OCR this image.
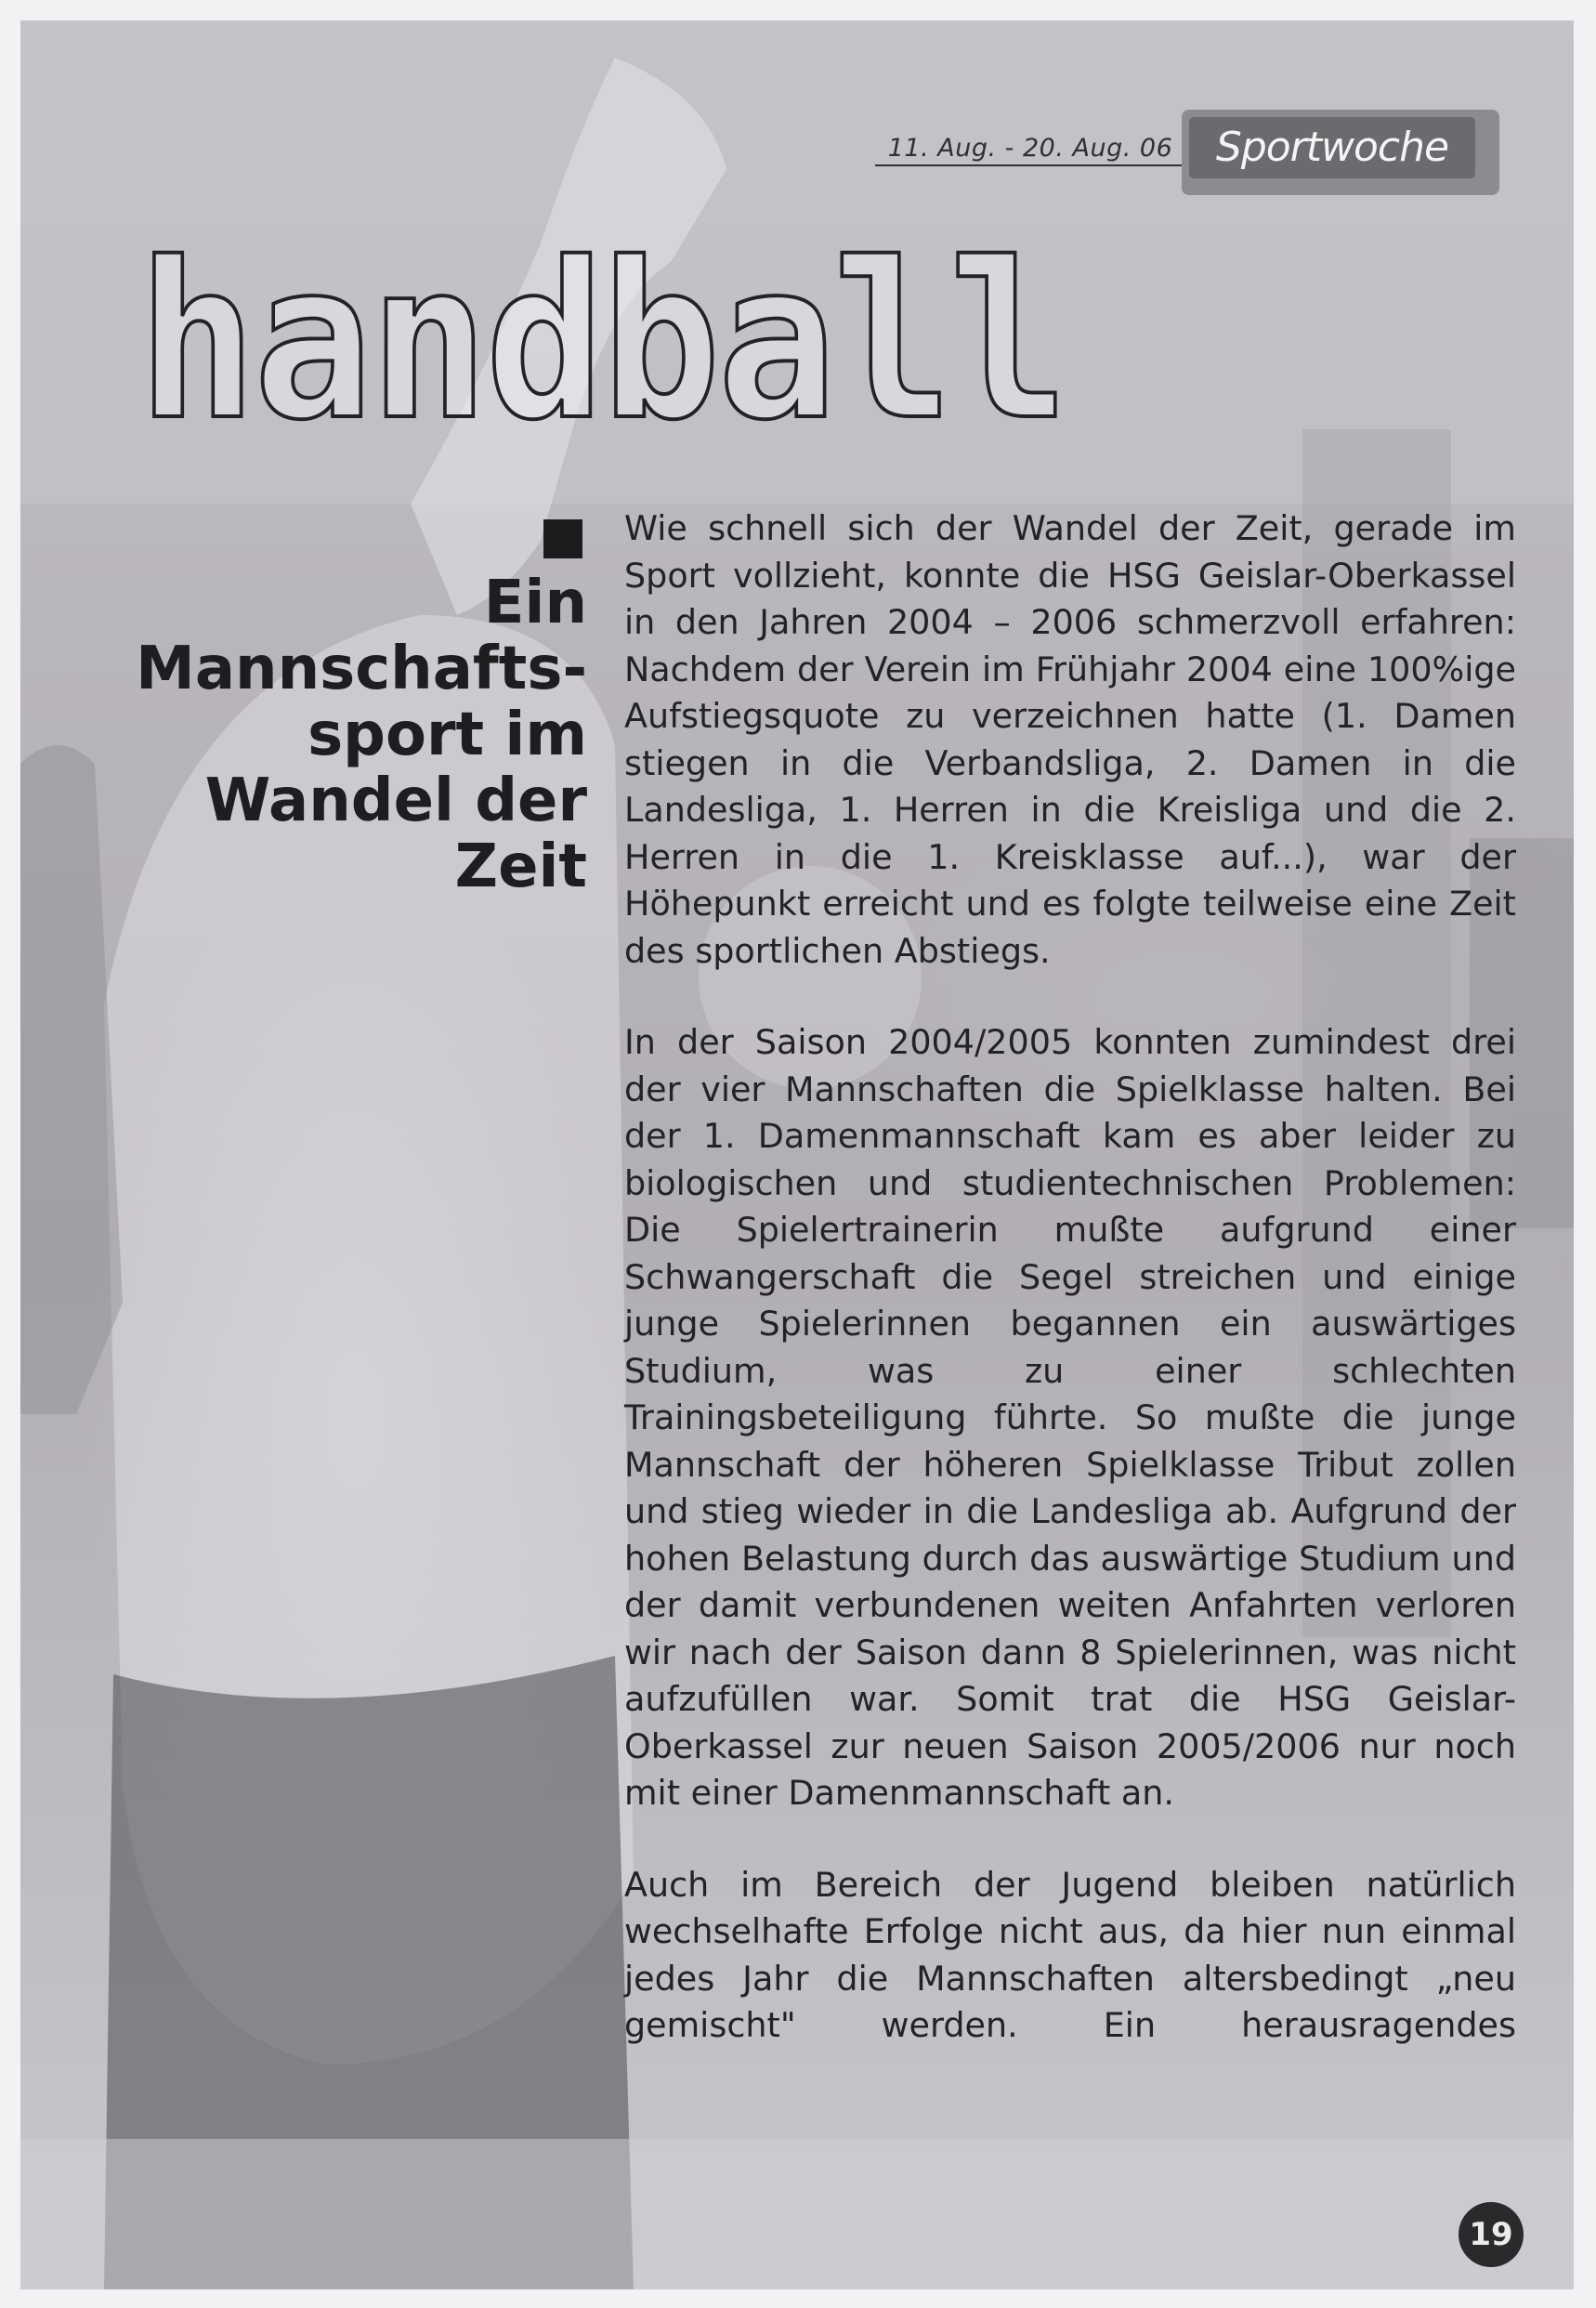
11. Aug. - 20. Aug. 06	Sportwoche
handball
Ein
Mannschafts-
sport im
Wandel der
Zeit

Wie schnell sich der Wandel der Zeit, gerade im Sport vollzieht, konnte die HSG Geislar-Oberkassel in den Jahren 2004 – 2006 schmerzvoll erfahren: Nachdem der Verein im Frühjahr 2004 eine 100%ige Aufstiegsquote zu verzeichnen hatte (1. Damen stiegen in die Verbandsliga, 2. Damen in die Landesliga, 1. Herren in die Kreisliga und die 2. Herren in die 1. Kreisklasse auf...), war der Höhepunkt erreicht und es folgte teilweise eine Zeit des sportlichen Abstiegs.

In der Saison 2004/2005 konnten zumindest drei der vier Mannschaften die Spielklasse halten. Bei der 1. Damenmannschaft kam es aber leider zu biologischen und studientechnischen Problemen: Die Spielertrainerin mußte aufgrund einer Schwangerschaft die Segel streichen und einige junge Spielerinnen begannen ein auswärtiges Studium, was zu einer schlechten Trainingsbeteiligung führte. So mußte die junge Mannschaft der höheren Spielklasse Tribut zollen und stieg wieder in die Landesliga ab. Aufgrund der hohen Belastung durch das auswärtige Studium und der damit verbundenen weiten Anfahrten verloren wir nach der Saison dann 8 Spielerinnen, was nicht aufzufüllen war. Somit trat die HSG Geislar-Oberkassel zur neuen Saison 2005/2006 nur noch mit einer Damenmannschaft an.

Auch im Bereich der Jugend bleiben natürlich wechselhafte Erfolge nicht aus, da hier nun einmal jedes Jahr die Mannschaften altersbedingt „neu gemischt" werden. Ein herausragendes

19
